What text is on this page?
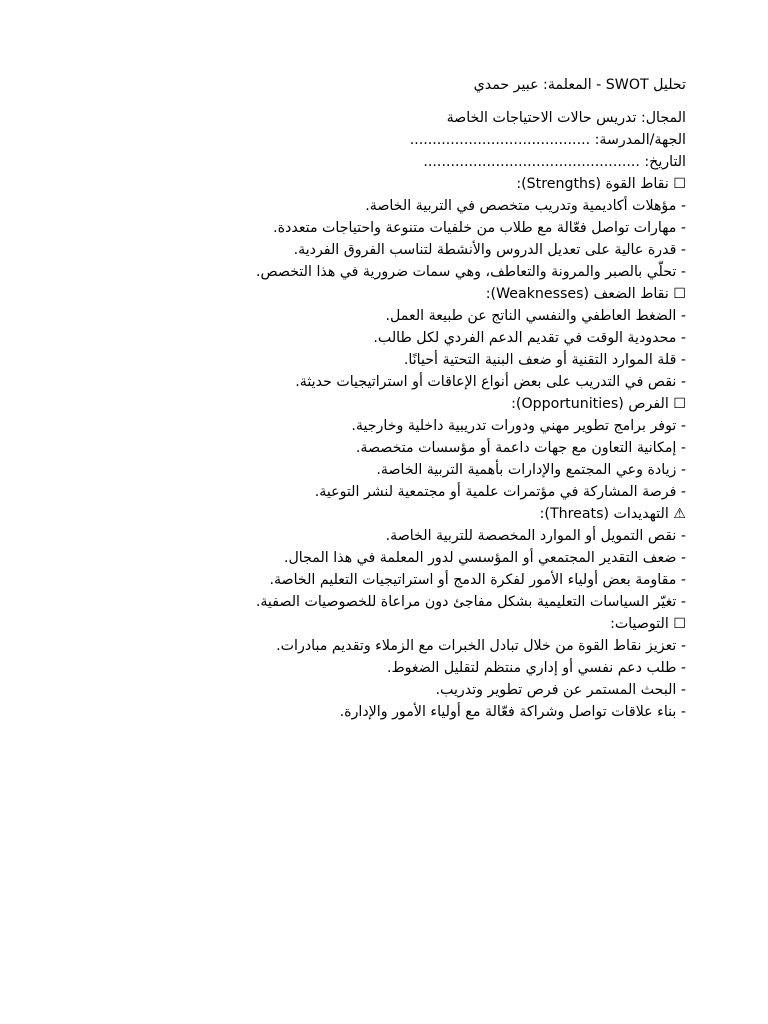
تحليل SWOT - المعلمة: عبير حمدي
المجال: تدريس حالات الاحتياجات الخاصة
الجهة/المدرسة: ........................................
التاريخ: ................................................
☐ نقاط القوة (Strengths):
- مؤهلات أكاديمية وتدريب متخصص في التربية الخاصة.
- مهارات تواصل فعّالة مع طلاب من خلفيات متنوعة واحتياجات متعددة.
- قدرة عالية على تعديل الدروس والأنشطة لتناسب الفروق الفردية.
- تحلّي بالصبر والمرونة والتعاطف، وهي سمات ضرورية في هذا التخصص.
☐ نقاط الضعف (Weaknesses):
- الضغط العاطفي والنفسي الناتج عن طبيعة العمل.
- محدودية الوقت في تقديم الدعم الفردي لكل طالب.
- قلة الموارد التقنية أو ضعف البنية التحتية أحيانًا.
- نقص في التدريب على بعض أنواع الإعاقات أو استراتيجيات حديثة.
☐ الفرص (Opportunities):
- توفر برامج تطوير مهني ودورات تدريبية داخلية وخارجية.
- إمكانية التعاون مع جهات داعمة أو مؤسسات متخصصة.
- زيادة وعي المجتمع والإدارات بأهمية التربية الخاصة.
- فرصة المشاركة في مؤتمرات علمية أو مجتمعية لنشر التوعية.
⚠ التهديدات (Threats):
- نقص التمويل أو الموارد المخصصة للتربية الخاصة.
- ضعف التقدير المجتمعي أو المؤسسي لدور المعلمة في هذا المجال.
- مقاومة بعض أولياء الأمور لفكرة الدمج أو استراتيجيات التعليم الخاصة.
- تغيّر السياسات التعليمية بشكل مفاجئ دون مراعاة للخصوصيات الصفية.
☐ التوصيات:
- تعزيز نقاط القوة من خلال تبادل الخبرات مع الزملاء وتقديم مبادرات.
- طلب دعم نفسي أو إداري منتظم لتقليل الضغوط.
- البحث المستمر عن فرص تطوير وتدريب.
- بناء علاقات تواصل وشراكة فعّالة مع أولياء الأمور والإدارة.
